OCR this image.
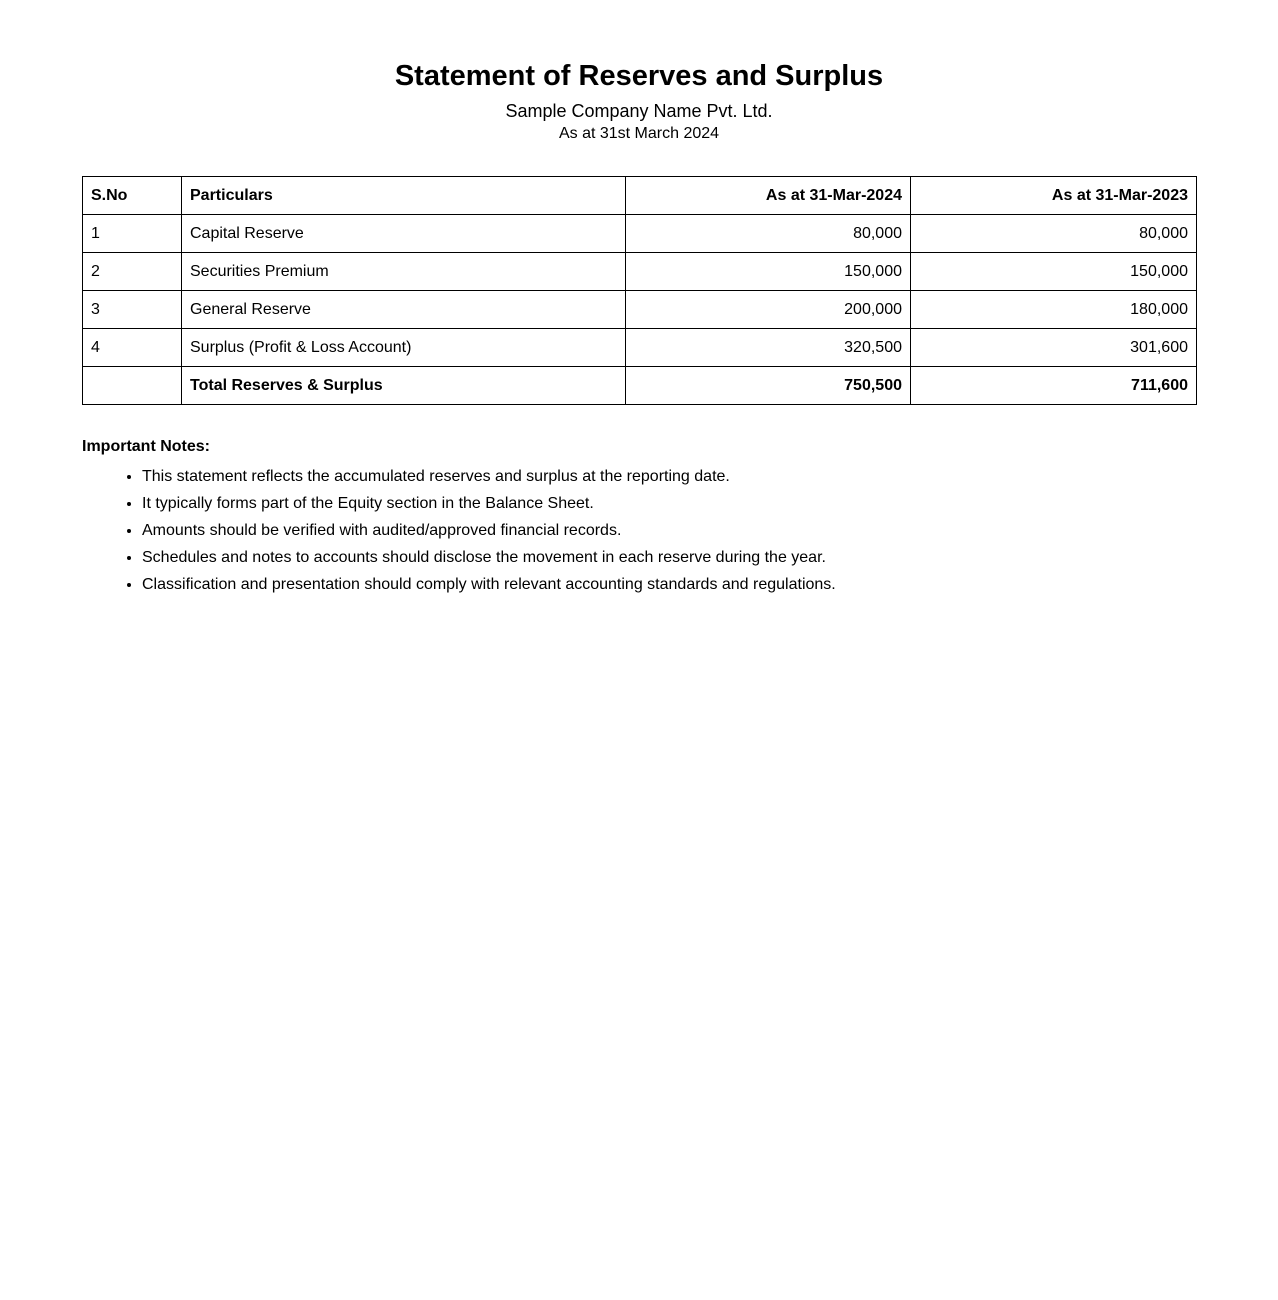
Statement of Reserves and Surplus

Sample Company Name Pvt. Ltd.

As at 31st March 2024

S.No	Particulars	As at 31-Mar-2024	As at 31-Mar-2023
1	Capital Reserve	80,000	80,000
2	Securities Premium	150,000	150,000
3	General Reserve	200,000	180,000
4	Surplus (Profit & Loss Account)	320,500	301,600
	Total Reserves & Surplus	750,500	711,600

Important Notes:

• This statement reflects the accumulated reserves and surplus at the reporting date.
• It typically forms part of the Equity section in the Balance Sheet.
• Amounts should be verified with audited/approved financial records.
• Schedules and notes to accounts should disclose the movement in each reserve during the year.
• Classification and presentation should comply with relevant accounting standards and regulations.
